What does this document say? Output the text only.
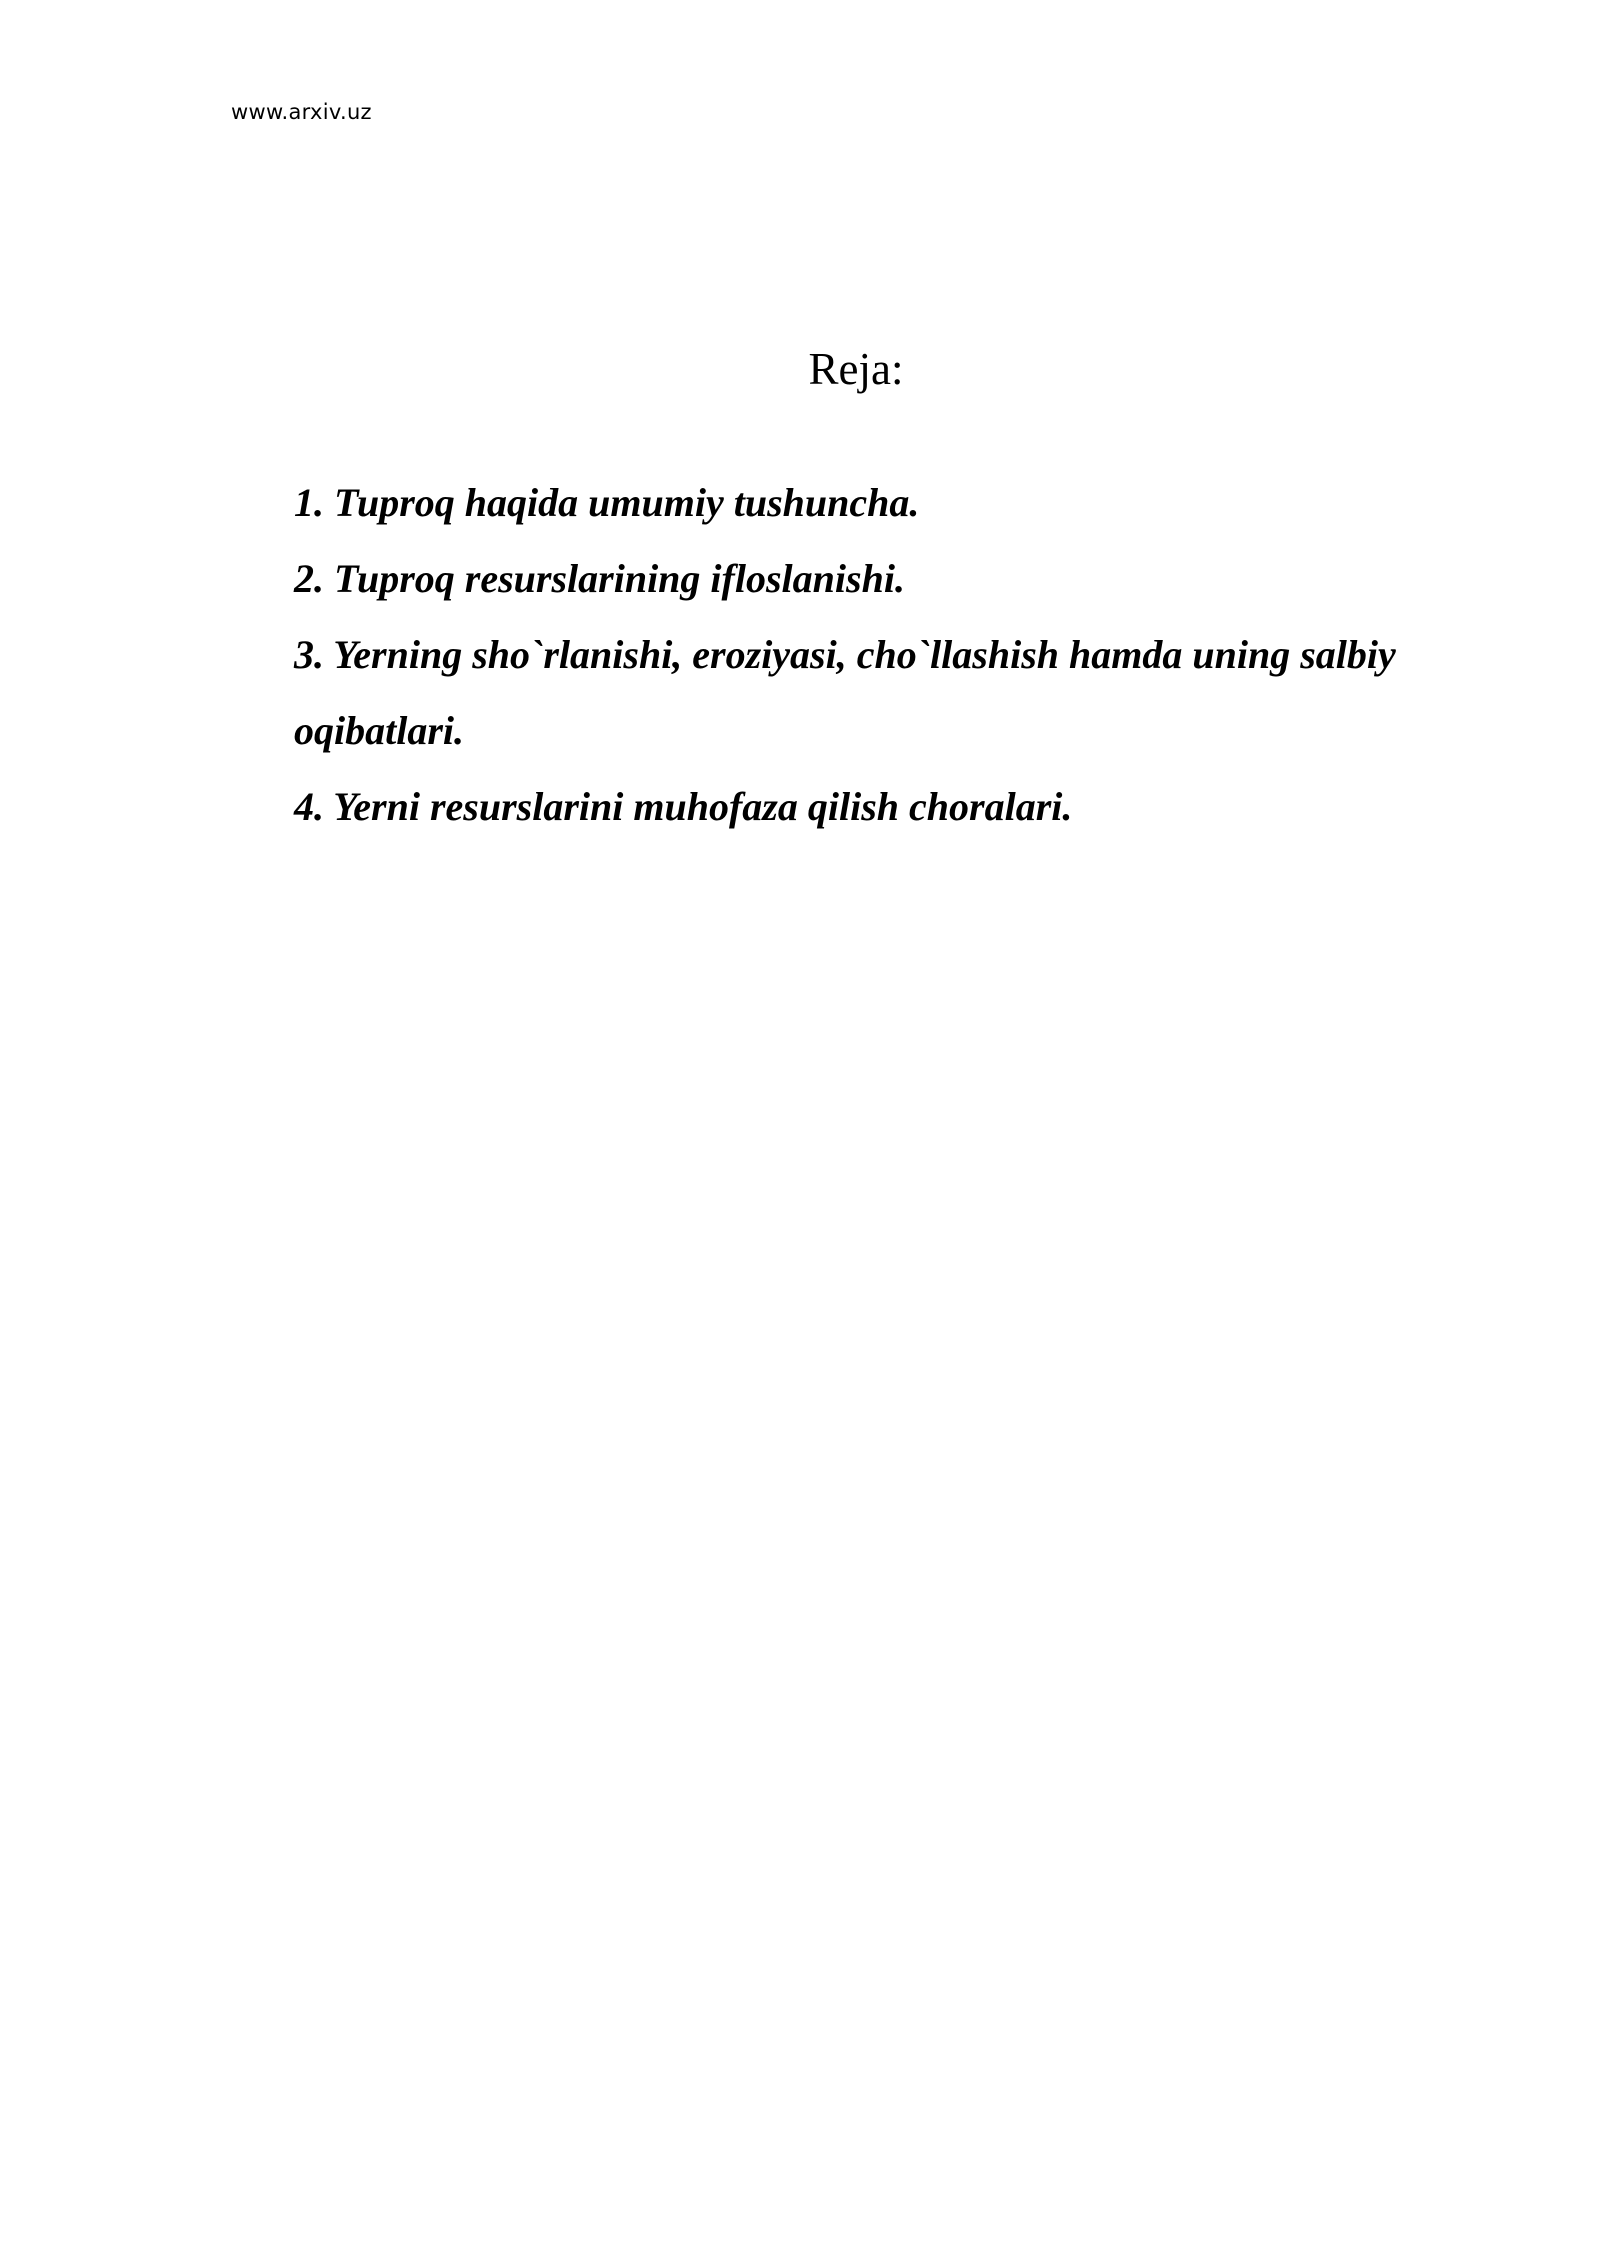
www.arxiv.uz
Reja:
1. Tuproq haqida umumiy tushuncha.
2. Tuproq resurslarining ifloslanishi.
3. Yerning sho`rlanishi, eroziyasi, cho`llashish hamda uning salbiy oqibatlari.
4. Yerni resurslarini muhofaza qilish choralari.
